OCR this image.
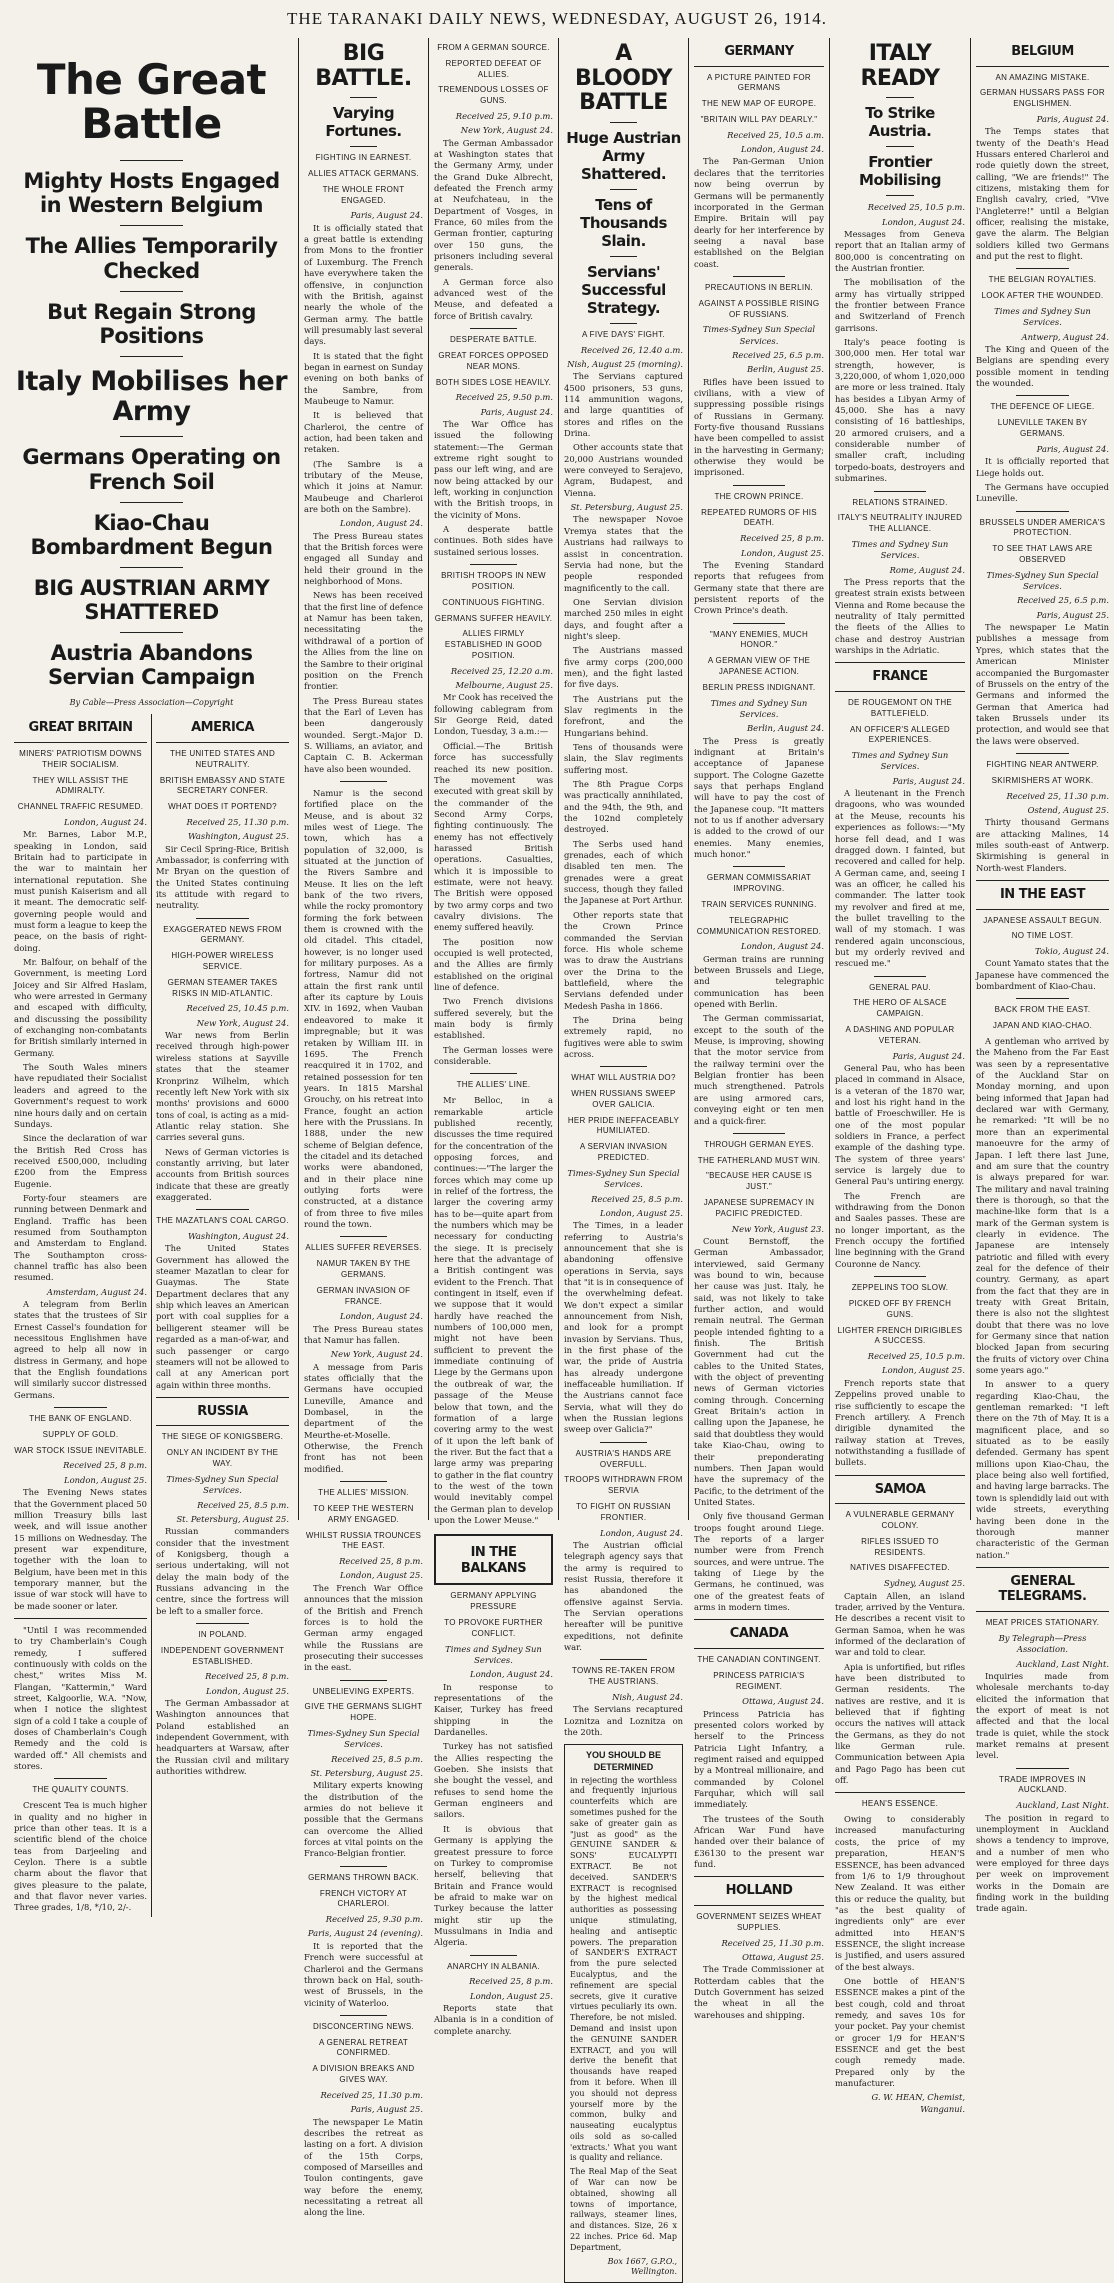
THE TARANAKI DAILY NEWS, WEDNESDAY, AUGUST 26, 1914.
The Great Battle
Mighty Hosts Engaged in Western Belgium
The Allies Temporarily Checked
But Regain Strong Positions
Italy Mobilises her Army
Germans Operating on French Soil
Kiao-Chau Bombardment Begun
BIG AUSTRIAN ARMY SHATTERED
Austria Abandons Servian Campaign
By Cable—Press Association—Copyright
GREAT BRITAIN
MINERS' PATRIOTISM DOWNS THEIR SOCIALISM.
THEY WILL ASSIST THE ADMIRALTY.
CHANNEL TRAFFIC RESUMED.
London, August 24.

Mr. Barnes, Labor M.P., speaking in London, said Britain had to participate in the war to maintain her international reputation. She must punish Kaiserism and all it meant. The democratic self-governing people would and must form a league to keep the peace, on the basis of right-doing.

Mr. Balfour, on behalf of the Government, is meeting Lord Joicey and Sir Alfred Haslam, who were arrested in Germany and escaped with difficulty, and discussing the possibility of exchanging non-combatants for British similarly interned in Germany.

The South Wales miners have repudiated their Socialist leaders and agreed to the Government's request to work nine hours daily and on certain Sundays.

Since the declaration of war the British Red Cross has received £500,000, including £200 from the Empress Eugenie.

Forty-four steamers are running between Denmark and England. Traffic has been resumed from Southampton and Amsterdam to England. The Southampton cross-channel traffic has also been resumed.

Amsterdam, August 24.

A telegram from Berlin states that the trustees of Sir Ernest Cassel's foundation for necessitous Englishmen have agreed to help all now in distress in Germany, and hope that the English foundations will similarly succor distressed Germans.

THE BANK OF ENGLAND.
SUPPLY OF GOLD.
WAR STOCK ISSUE INEVITABLE.
Received 25, 8 p.m.
London, August 25.

The Evening News states that the Government placed 50 million Treasury bills last week, and will issue another 15 millions on Wednesday. The present war expenditure, together with the loan to Belgium, have been met in this temporary manner, but the issue of war stock will have to be made sooner or later.

"Until I was recommended to try Chamberlain's Cough remedy, I suffered continuously with colds on the chest," writes Miss M. Flangan, "Kattermin," Ward street, Kalgoorlie, W.A. "Now, when I notice the slightest sign of a cold I take a couple of doses of Chamberlain's Cough Remedy and the cold is warded off." All chemists and stores.

THE QUALITY COUNTS.

Crescent Tea is much higher in quality and no higher in price than other teas. It is a scientific blend of the choice teas from Darjeeling and Ceylon. There is a subtle charm about the flavor that gives pleasure to the palate, and that flavor never varies. Three grades, 1/8, */10, 2/-.

AMERICA
THE UNITED STATES AND NEUTRALITY.
BRITISH EMBASSY AND STATE SECRETARY CONFER.
WHAT DOES IT PORTEND?
Received 25, 11.30 p.m.
Washington, August 25.

Sir Cecil Spring-Rice, British Ambassador, is conferring with Mr Bryan on the question of the United States continuing its attitude with regard to neutrality.

EXAGGERATED NEWS FROM GERMANY.
HIGH-POWER WIRELESS SERVICE.
GERMAN STEAMER TAKES RISKS IN MID-ATLANTIC.
Received 25, 10.45 p.m.
New York, August 24.

War news from Berlin received through high-power wireless stations at Sayville states that the steamer Kronprinz Wilhelm, which recently left New York with six months' provisions and 6000 tons of coal, is acting as a mid-Atlantic relay station. She carries several guns.

News of German victories is constantly arriving, but later accounts from British sources indicate that these are greatly exaggerated.

THE MAZATLAN'S COAL CARGO.
Washington, August 24.

The United States Government has allowed the steamer Mazatlan to clear for Guaymas. The State Department declares that any ship which leaves an American port with coal supplies for a belligerent steamer will be regarded as a man-of-war, and such passenger or cargo steamers will not be allowed to call at any American port again within three months.

RUSSIA
THE SIEGE OF KONIGSBERG.
ONLY AN INCIDENT BY THE WAY.
Times-Sydney Sun Special Services.
Received 25, 8.5 p.m.
St. Petersburg, August 25.

Russian commanders consider that the investment of Konigsberg, though a serious undertaking, will not delay the main body of the Russians advancing in the centre, since the fortress will be left to a smaller force.

IN POLAND.
INDEPENDENT GOVERNMENT ESTABLISHED.
Received 25, 8 p.m.
London, August 25.

The German Ambassador at Washington announces that Poland established an independent Government, with headquarters at Warsaw, after the Russian civil and military authorities withdrew.

BIG BATTLE.
Varying Fortunes.
FIGHTING IN EARNEST.
ALLIES ATTACK GERMANS.
THE WHOLE FRONT ENGAGED.
Paris, August 24.

It is officially stated that a great battle is extending from Mons to the frontier of Luxemburg. The French have everywhere taken the offensive, in conjunction with the British, against nearly the whole of the German army. The battle will presumably last several days.

It is stated that the fight began in earnest on Sunday evening on both banks of the Sambre, from Maubeuge to Namur.

It is believed that Charleroi, the centre of action, had been taken and retaken.

(The Sambre is a tributary of the Meuse, which it joins at Namur. Maubeuge and Charleroi are both on the Sambre).

London, August 24.

The Press Bureau states that the British forces were engaged all Sunday and held their ground in the neighborhood of Mons.

News has been received that the first line of defence at Namur has been taken, necessitating the withdrawal of a portion of the Allies from the line on the Sambre to their original position on the French frontier.

The Press Bureau states that the Earl of Leven has been dangerously wounded. Sergt.-Major D. S. Williams, an aviator, and Captain C. B. Ackerman have also been wounded.

Namur is the second fortified place on the Meuse, and is about 32 miles west of Liege. The town, which has a population of 32,000, is situated at the junction of the Rivers Sambre and Meuse. It lies on the left bank of the two rivers, while the rocky promontory forming the fork between them is crowned with the old citadel. This citadel, however, is no longer used for military purposes. As a fortress, Namur did not attain the first rank until after its capture by Louis XIV. in 1692, when Vauban endeavored to make it impregnable; but it was retaken by William III. in 1695. The French reacquired it in 1702, and retained possession for ten years. In 1815 Marshal Grouchy, on his retreat into France, fought an action here with the Prussians. In 1888, under the new scheme of Belgian defence, the citadel and its detached works were abandoned, and in their place nine outlying forts were constructed, at a distance of from three to five miles round the town.

ALLIES SUFFER REVERSES.
NAMUR TAKEN BY THE GERMANS.
GERMAN INVASION OF FRANCE.
London, August 24.

The Press Bureau states that Namur has fallen.

New York, August 24.

A message from Paris states officially that the Germans have occupied Luneville, Amance and Dombasel, in the department of the Meurthe-et-Moselle. Otherwise, the French front has not been modified.

THE ALLIES' MISSION.
TO KEEP THE WESTERN ARMY ENGAGED.
WHILST RUSSIA TROUNCES THE EAST.
Received 25, 8 p.m.
London, August 25.

The French War Office announces that the mission of the British and French forces is to hold the German army engaged while the Russians are prosecuting their successes in the east.

UNBELIEVING EXPERTS.
GIVE THE GERMANS SLIGHT HOPE.
Times-Sydney Sun Special Services.
Received 25, 8.5 p.m.
St. Petersburg, August 25.

Military experts knowing the distribution of the armies do not believe it possible that the Germans can overcome the Allied forces at vital points on the Franco-Belgian frontier.

GERMANS THROWN BACK.
FRENCH VICTORY AT CHARLEROI.
Received 25, 9.30 p.m.
Paris, August 24 (evening).

It is reported that the French were successful at Charleroi and the Germans thrown back on Hal, south-west of Brussels, in the vicinity of Waterloo.

DISCONCERTING NEWS.
A GENERAL RETREAT CONFIRMED.
A DIVISION BREAKS AND GIVES WAY.
Received 25, 11.30 p.m.
Paris, August 25.

The newspaper Le Matin describes the retreat as lasting on a fort. A division of the 15th Corps, composed of Marseilles and Toulon contingents, gave way before the enemy, necessitating a retreat all along the line.

FROM A GERMAN SOURCE.
REPORTED DEFEAT OF ALLIES.
TREMENDOUS LOSSES OF GUNS.
Received 25, 9.10 p.m.
New York, August 24.

The German Ambassador at Washington states that the Germany Army, under the Grand Duke Albrecht, defeated the French army at Neufchateau, in the Department of Vosges, in France, 60 miles from the German frontier, capturing over 150 guns, the prisoners including several generals.

A German force also advanced west of the Meuse, and defeated a force of British cavalry.

DESPERATE BATTLE.
GREAT FORCES OPPOSED NEAR MONS.
BOTH SIDES LOSE HEAVILY.
Received 25, 9.50 p.m.
Paris, August 24.

The War Office has issued the following statement:—The German extreme right sought to pass our left wing, and are now being attacked by our left, working in conjunction with the British troops, in the vicinity of Mons.

A desperate battle continues. Both sides have sustained serious losses.

BRITISH TROOPS IN NEW POSITION.
CONTINUOUS FIGHTING.
GERMANS SUFFER HEAVILY.
ALLIES FIRMLY ESTABLISHED IN GOOD POSITION.
Received 25, 12.20 a.m.
Melbourne, August 25.

Mr Cook has received the following cablegram from Sir George Reid, dated London, Tuesday, 3 a.m.:—

Official.—The British force has successfully reached its new position. The movement was executed with great skill by the commander of the Second Army Corps, fighting continuously. The enemy has not effectively harassed British operations. Casualties, which it is impossible to estimate, were not heavy. The British were opposed by two army corps and two cavalry divisions. The enemy suffered heavily.

The position now occupied is well protected, and the Allies are firmly established on the original line of defence.

Two French divisions suffered severely, but the main body is firmly established.

The German losses were considerable.

THE ALLIES' LINE.

Mr Belloc, in a remarkable article published recently, discusses the time required for the concentration of the opposing forces, and continues:—"The larger the forces which may come up in relief of the fortress, the larger the covering army has to be—quite apart from the numbers which may be necessary for conducting the siege. It is precisely here that the advantage of a British contingent was evident to the French. That contingent in itself, even if we suppose that it would hardly have reached the numbers of 100,000 men, might not have been sufficient to prevent the immediate continuing of Liege by the Germans upon the outbreak of war, the passage of the Meuse below that town, and the formation of a large covering army to the west of it upon the left bank of the river. But the fact that a large army was preparing to gather in the flat country to the west of the town would inevitably compel the German plan to develop upon the Lower Meuse."

IN THE BALKANS
GERMANY APPLYING PRESSURE
TO PROVOKE FURTHER CONFLICT.
Times and Sydney Sun Services.
London, August 24.

In response to representations of the Kaiser, Turkey has freed shipping in the Dardanelles.

Turkey has not satisfied the Allies respecting the Goeben. She insists that she bought the vessel, and refuses to send home the German engineers and sailors.

It is obvious that Germany is applying the greatest pressure to force on Turkey to compromise herself, believing that Britain and France would be afraid to make war on Turkey because the latter might stir up the Mussulmans in India and Algeria.

ANARCHY IN ALBANIA.
Received 25, 8 p.m.
London, August 25.

Reports state that Albania is in a condition of complete anarchy.

A BLOODY BATTLE
Huge Austrian Army Shattered.
Tens of Thousands Slain.
Servians' Successful Strategy.
A FIVE DAYS' FIGHT.
Received 26, 12.40 a.m.
Nish, August 25 (morning).

The Servians captured 4500 prisoners, 53 guns, 114 ammunition wagons, and large quantities of stores and rifles on the Drina.

Other accounts state that 20,000 Austrians wounded were conveyed to Serajevo, Agram, Budapest, and Vienna.

St. Petersburg, August 25.

The newspaper Novoe Vremya states that the Austrians had railways to assist in concentration. Servia had none, but the people responded magnificently to the call.

One Servian division marched 250 miles in eight days, and fought after a night's sleep.

The Austrians massed five army corps (200,000 men), and the fight lasted for five days.

The Austrians put the Slav regiments in the forefront, and the Hungarians behind.

Tens of thousands were slain, the Slav regiments suffering most.

The 8th Prague Corps was practically annihilated, and the 94th, the 9th, and the 102nd completely destroyed.

The Serbs used hand grenades, each of which disabled ten men. The grenades were a great success, though they failed the Japanese at Port Arthur.

Other reports state that the Crown Prince commanded the Servian force. His whole scheme was to draw the Austrians over the Drina to the battlefield, where the Servians defended under Medesh Pasha in 1866.

The Drina being extremely rapid, no fugitives were able to swim across.

WHAT WILL AUSTRIA DO?
WHEN RUSSIANS SWEEP OVER GALICIA.
HER PRIDE INEFFACEABLY HUMILIATED.
A SERVIAN INVASION PREDICTED.
Times-Sydney Sun Special Services.
Received 25, 8.5 p.m.
London, August 25.

The Times, in a leader referring to Austria's announcement that she is abandoning offensive operations in Servia, says that "it is in consequence of the overwhelming defeat. We don't expect a similar announcement from Nish, and look for a prompt invasion by Servians. Thus, in the first phase of the war, the pride of Austria has already undergone ineffaceable humiliation. If the Austrians cannot face Servia, what will they do when the Russian legions sweep over Galicia?"

AUSTRIA'S HANDS ARE OVERFULL.
TROOPS WITHDRAWN FROM SERVIA
TO FIGHT ON RUSSIAN FRONTIER.
London, August 24.

The Austrian official telegraph agency says that the army is required to resist Russia, therefore it has abandoned the offensive against Servia. The Servian operations hereafter will be punitive expeditions, not definite war.

TOWNS RE-TAKEN FROM THE AUSTRIANS.
Nish, August 24.

The Servians recaptured Loznitza and Loznitza on the 20th.

YOU SHOULD BE DETERMINED

in rejecting the worthless and frequently injurious counterfeits which are sometimes pushed for the sake of greater gain as "just as good" as the GENUINE SANDER & SONS' EUCALYPTI EXTRACT. Be not deceived. SANDER'S EXTRACT is recognised by the highest medical authorities as possessing unique stimulating, healing and antiseptic powers. The preparation of SANDER'S EXTRACT from the pure selected Eucalyptus, and the refinement are special secrets, give it curative virtues peculiarly its own. Therefore, be not misled. Demand and insist upon the GENUINE SANDER EXTRACT, and you will derive the benefit that thousands have reaped from it before. When ill you should not depress yourself more by the common, bulky and nauseating eucalyptus oils sold as so-called 'extracts.' What you want is quality and reliance.

The Real Map of the Seat of War can now be obtained, showing all towns of importance, railways, steamer lines, and distances. Size, 26 x 22 inches. Price 6d. Map Department,

Box 1667, G.P.O., Wellington.
GERMANY
A PICTURE PAINTED FOR GERMANS
THE NEW MAP OF EUROPE.
"BRITAIN WILL PAY DEARLY."
Received 25, 10.5 a.m.
London, August 24.

The Pan-German Union declares that the territories now being overrun by Germans will be permanently incorporated in the German Empire. Britain will pay dearly for her interference by seeing a naval base established on the Belgian coast.

PRECAUTIONS IN BERLIN.
AGAINST A POSSIBLE RISING OF RUSSIANS.
Times-Sydney Sun Special Services.
Received 25, 6.5 p.m.
Berlin, August 25.

Rifles have been issued to civilians, with a view of suppressing possible risings of Russians in Germany. Forty-five thousand Russians have been compelled to assist in the harvesting in Germany; otherwise they would be imprisoned.

THE CROWN PRINCE.
REPEATED RUMORS OF HIS DEATH.
Received 25, 8 p.m.
London, August 25.

The Evening Standard reports that refugees from Germany state that there are persistent reports of the Crown Prince's death.

"MANY ENEMIES, MUCH HONOR."
A GERMAN VIEW OF THE JAPANESE ACTION.
BERLIN PRESS INDIGNANT.
Times and Sydney Sun Services.
Berlin, August 24.

The Press is greatly indignant at Britain's acceptance of Japanese support. The Cologne Gazette says that perhaps England will have to pay the cost of the Japanese coup. "It matters not to us if another adversary is added to the crowd of our enemies. Many enemies, much honor."

GERMAN COMMISSARIAT IMPROVING.
TRAIN SERVICES RUNNING.
TELEGRAPHIC COMMUNICATION RESTORED.
London, August 24.

German trains are running between Brussels and Liege, and telegraphic communication has been opened with Berlin.

The German commissariat, except to the south of the Meuse, is improving, showing that the motor service from the railway termini over the Belgian frontier has been much strengthened. Patrols are using armored cars, conveying eight or ten men and a quick-firer.

THROUGH GERMAN EYES.
THE FATHERLAND MUST WIN.
"BECAUSE HER CAUSE IS JUST."
JAPANESE SUPREMACY IN PACIFIC PREDICTED.
New York, August 23.

Count Bernstoff, the German Ambassador, interviewed, said Germany was bound to win, because her cause was just. Italy, he said, was not likely to take further action, and would remain neutral. The German people intended fighting to a finish. The British Government had cut the cables to the United States, with the object of preventing news of German victories coming through. Concerning Great Britain's action in calling upon the Japanese, he said that doubtless they would take Kiao-Chau, owing to their preponderating numbers. Then Japan would have the supremacy of the Pacific, to the detriment of the United States.

Only five thousand German troops fought around Liege. The reports of a larger number were from French sources, and were untrue. The taking of Liege by the Germans, he continued, was one of the greatest feats of arms in modern times.

CANADA
THE CANADIAN CONTINGENT.
PRINCESS PATRICIA'S REGIMENT.
Ottawa, August 24.

Princess Patricia has presented colors worked by herself to the Princess Patricia Light Infantry, a regiment raised and equipped by a Montreal millionaire, and commanded by Colonel Farquhar, which will sail immediately.

The trustees of the South African War Fund have handed over their balance of £36130 to the present war fund.

HOLLAND
GOVERNMENT SEIZES WHEAT SUPPLIES.
Received 25, 11.30 p.m.
Ottawa, August 25.

The Trade Commissioner at Rotterdam cables that the Dutch Government has seized the wheat in all the warehouses and shipping.

ITALY READY
To Strike Austria.
Frontier Mobilising
Received 25, 10.5 p.m.
London, August 24.

Messages from Geneva report that an Italian army of 800,000 is concentrating on the Austrian frontier.

The mobilisation of the army has virtually stripped the frontier between France and Switzerland of French garrisons.

Italy's peace footing is 300,000 men. Her total war strength, however, is 3,220,000, of whom 1,020,000 are more or less trained. Italy has besides a Libyan Army of 45,000. She has a navy consisting of 16 battleships, 20 armored cruisers, and a considerable number of smaller craft, including torpedo-boats, destroyers and submarines.

RELATIONS STRAINED.
ITALY'S NEUTRALITY INJURED THE ALLIANCE.
Times and Sydney Sun Services.
Rome, August 24.

The Press reports that the greatest strain exists between Vienna and Rome because the neutrality of Italy permitted the fleets of the Allies to chase and destroy Austrian warships in the Adriatic.

FRANCE
DE ROUGEMONT ON THE BATTLEFIELD.
AN OFFICER'S ALLEGED EXPERIENCES.
Times and Sydney Sun Services.
Paris, August 24.

A lieutenant in the French dragoons, who was wounded at the Meuse, recounts his experiences as follows:—"My horse fell dead, and I was dragged down. I fainted, but recovered and called for help. A German came, and, seeing I was an officer, he called his commander. The latter took my revolver and fired at me, the bullet travelling to the wall of my stomach. I was rendered again unconscious, but my orderly revived and rescued me."

GENERAL PAU.
THE HERO OF ALSACE CAMPAIGN.
A DASHING AND POPULAR VETERAN.
Paris, August 24.

General Pau, who has been placed in command in Alsace, is a veteran of the 1870 war, and lost his right hand in the battle of Froeschwiller. He is one of the most popular soldiers in France, a perfect example of the dashing type. The system of three years' service is largely due to General Pau's untiring energy.

The French are withdrawing from the Donon and Saales passes. These are no longer important, as the French occupy the fortified line beginning with the Grand Couronne de Nancy.

ZEPPELINS TOO SLOW.
PICKED OFF BY FRENCH GUNS.
LIGHTER FRENCH DIRIGIBLES A SUCCESS.
Received 25, 10.5 p.m.
London, August 25.

French reports state that Zeppelins proved unable to rise sufficiently to escape the French artillery. A French dirigible dynamited the railway station at Treves, notwithstanding a fusillade of bullets.

SAMOA
A VULNERABLE GERMANY COLONY.
RIFLES ISSUED TO RESIDENTS.
NATIVES DISAFFECTED.
Sydney, August 25.

Captain Allen, an island trader, arrived by the Ventura. He describes a recent visit to German Samoa, when he was informed of the declaration of war and told to clear.

Apia is unfortified, but rifles have been distributed to German residents. The natives are restive, and it is believed that if fighting occurs the natives will attack the Germans, as they do not like German rule. Communication between Apia and Pago Pago has been cut off.

HEAN'S ESSENCE.

Owing to considerably increased manufacturing costs, the price of my preparation, HEAN'S ESSENCE, has been advanced from 1/6 to 1/9 throughout New Zealand. It was either this or reduce the quality, but "as the best quality of ingredients only" are ever admitted into HEAN'S ESSENCE, the slight increase is justified, and users assured of the best always.

One bottle of HEAN'S ESSENCE makes a pint of the best cough, cold and throat remedy, and saves 10s for your pocket. Pay your chemist or grocer 1/9 for HEAN'S ESSENCE and get the best cough remedy made. Prepared only by the manufacturer.

G. W. HEAN, Chemist, Wanganui.
BELGIUM
AN AMAZING MISTAKE.
GERMAN HUSSARS PASS FOR ENGLISHMEN.
Paris, August 24.

The Temps states that twenty of the Death's Head Hussars entered Charleroi and rode quietly down the street, calling, "We are friends!" The citizens, mistaking them for English cavalry, cried, "Vive l'Angleterre!" until a Belgian officer, realising the mistake, gave the alarm. The Belgian soldiers killed two Germans and put the rest to flight.

THE BELGIAN ROYALTIES.
LOOK AFTER THE WOUNDED.
Times and Sydney Sun Services.
Antwerp, August 24.

The King and Queen of the Belgians are spending every possible moment in tending the wounded.

THE DEFENCE OF LIEGE.
LUNEVILLE TAKEN BY GERMANS.
Paris, August 24.

It is officially reported that Liege holds out.

The Germans have occupied Luneville.

BRUSSELS UNDER AMERICA'S PROTECTION.
TO SEE THAT LAWS ARE OBSERVED
Times-Sydney Sun Special Services.
Received 25, 6.5 p.m.
Paris, August 25.

The newspaper Le Matin publishes a message from Ypres, which states that the American Minister accompanied the Burgomaster of Brussels on the entry of the Germans and informed the German that America had taken Brussels under its protection, and would see that the laws were observed.

FIGHTING NEAR ANTWERP.
SKIRMISHERS AT WORK.
Received 25, 11.30 p.m.
Ostend, August 25.

Thirty thousand Germans are attacking Malines, 14 miles south-east of Antwerp. Skirmishing is general in North-west Flanders.

IN THE EAST
JAPANESE ASSAULT BEGUN.
NO TIME LOST.
Tokio, August 24.

Count Yamato states that the Japanese have commenced the bombardment of Kiao-Chau.

BACK FROM THE EAST.
JAPAN AND KIAO-CHAO.

A gentleman who arrived by the Maheno from the Far East was seen by a representative of the Auckland Star on Monday morning, and upon being informed that Japan had declared war with Germany, he remarked: "It will be no more than an experimental manoeuvre for the army of Japan. I left there last June, and am sure that the country is always prepared for war. The military and naval training there is thorough, so that the machine-like form that is a mark of the German system is clearly in evidence. The Japanese are intensely patriotic and filled with every zeal for the defence of their country. Germany, as apart from the fact that they are in treaty with Great Britain, there is also not the slightest doubt that there was no love for Germany since that nation blocked Japan from securing the fruits of victory over China some years ago."

In answer to a query regarding Kiao-Chau, the gentleman remarked: "I left there on the 7th of May. It is a magnificent place, and so situated as to be easily defended. Germany has spent millions upon Kiao-Chau, the place being also well fortified, and having large barracks. The town is splendidly laid out with wide streets, everything having been done in the thorough manner characteristic of the German nation."

GENERAL TELEGRAMS.
MEAT PRICES STATIONARY.
By Telegraph—Press Association.
Auckland, Last Night.

Inquiries made from wholesale merchants to-day elicited the information that the export of meat is not affected and that the local trade is quiet, while the stock market remains at present level.

TRADE IMPROVES IN AUCKLAND.
Auckland, Last Night.

The position in regard to unemployment in Auckland shows a tendency to improve, and a number of men who were employed for three days per week on improvement works in the Domain are finding work in the building trade again.
